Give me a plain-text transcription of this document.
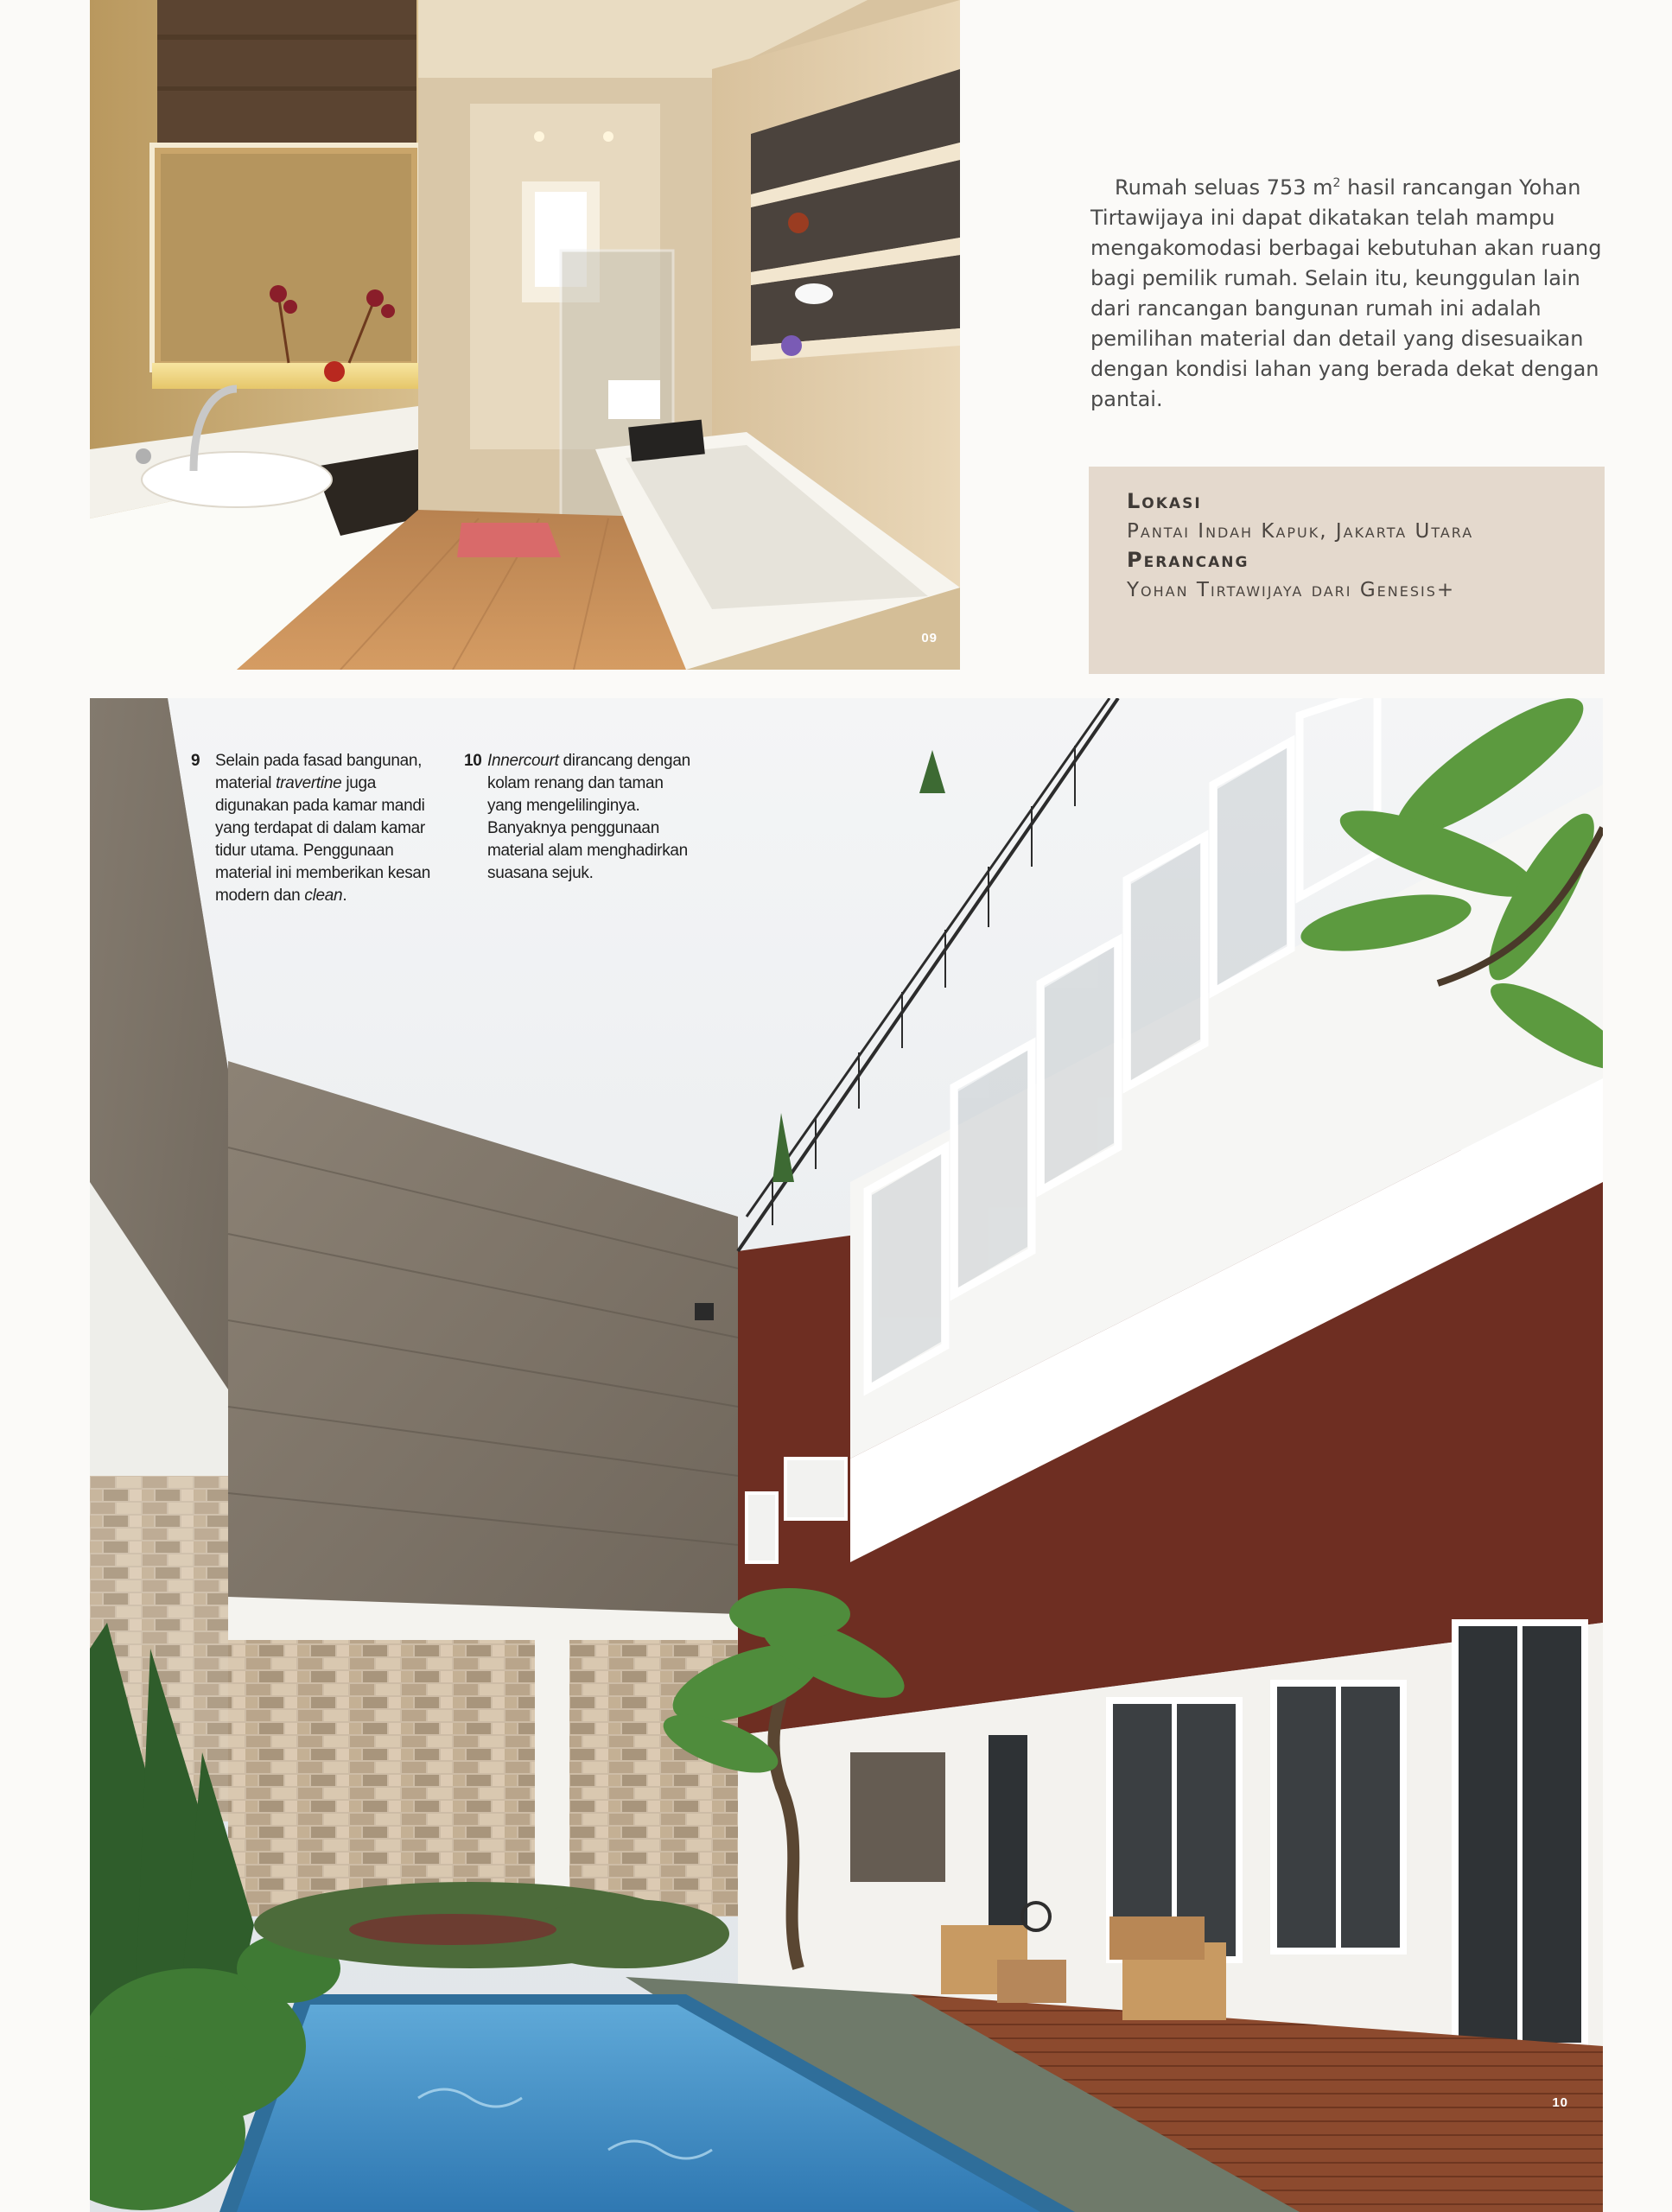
09

Rumah seluas 753 $m^2$ hasil rancangan Yohan Tirtawijaya ini dapat dikatakan telah mampu mengakomodasi berbagai kebutuhan akan ruang bagi pemilik rumah. Selain itu, keunggulan lain dari rancangan bangunan rumah ini adalah pemilihan material dan detail yang disesuaikan dengan kondisi lahan yang berada dekat dengan pantai.

Lokasi

Pantai Indah Kapuk, Jakarta Utara

Perancang

Yohan Tirtawijaya dari Genesis+

10

9 Selain pada fasad bangunan, material travertine juga digunakan pada kamar mandi yang terdapat di dalam kamar tidur utama. Penggunaan material ini memberikan kesan modern dan clean.

10 Innercourt dirancang dengan kolam renang dan taman yang mengelilinginya. Banyaknya penggunaan material alam menghadirkan suasana sejuk.
